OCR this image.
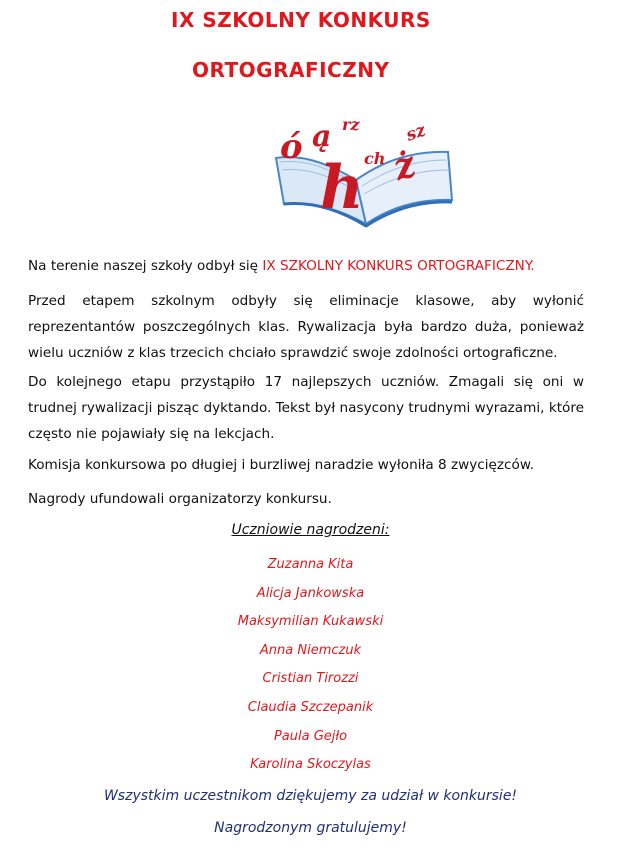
IX SZKOLNY KONKURS
ORTOGRAFICZNY
ó ą rz	sz
ch
h ż

Na terenie naszej szkoły odbył się IX SZKOLNY KONKURS ORTOGRAFICZNY.

Przed etapem szkolnym odbyły się eliminacje klasowe, aby wyłonić reprezentantów poszczególnych klas. Rywalizacja była bardzo duża, ponieważ wielu uczniów z klas trzecich chciało sprawdzić swoje zdolności ortograficzne.

Do kolejnego etapu przystąpiło 17 najlepszych uczniów. Zmagali się oni w trudnej rywalizacji pisząc dyktando. Tekst był nasycony trudnymi wyrazami, które często nie pojawiały się na lekcjach.

Komisja konkursowa po długiej i burzliwej naradzie wyłoniła 8 zwycięzców.

Nagrody ufundowali organizatorzy konkursu.

Uczniowie nagrodzeni:

Zuzanna Kita
Alicja Jankowska
Maksymilian Kukawski
Anna Niemczuk
Cristian Tirozzi
Claudia Szczepanik
Paula Gejło
Karolina Skoczylas

Wszystkim uczestnikom dziękujemy za udział w konkursie!

Nagrodzonym gratulujemy!
